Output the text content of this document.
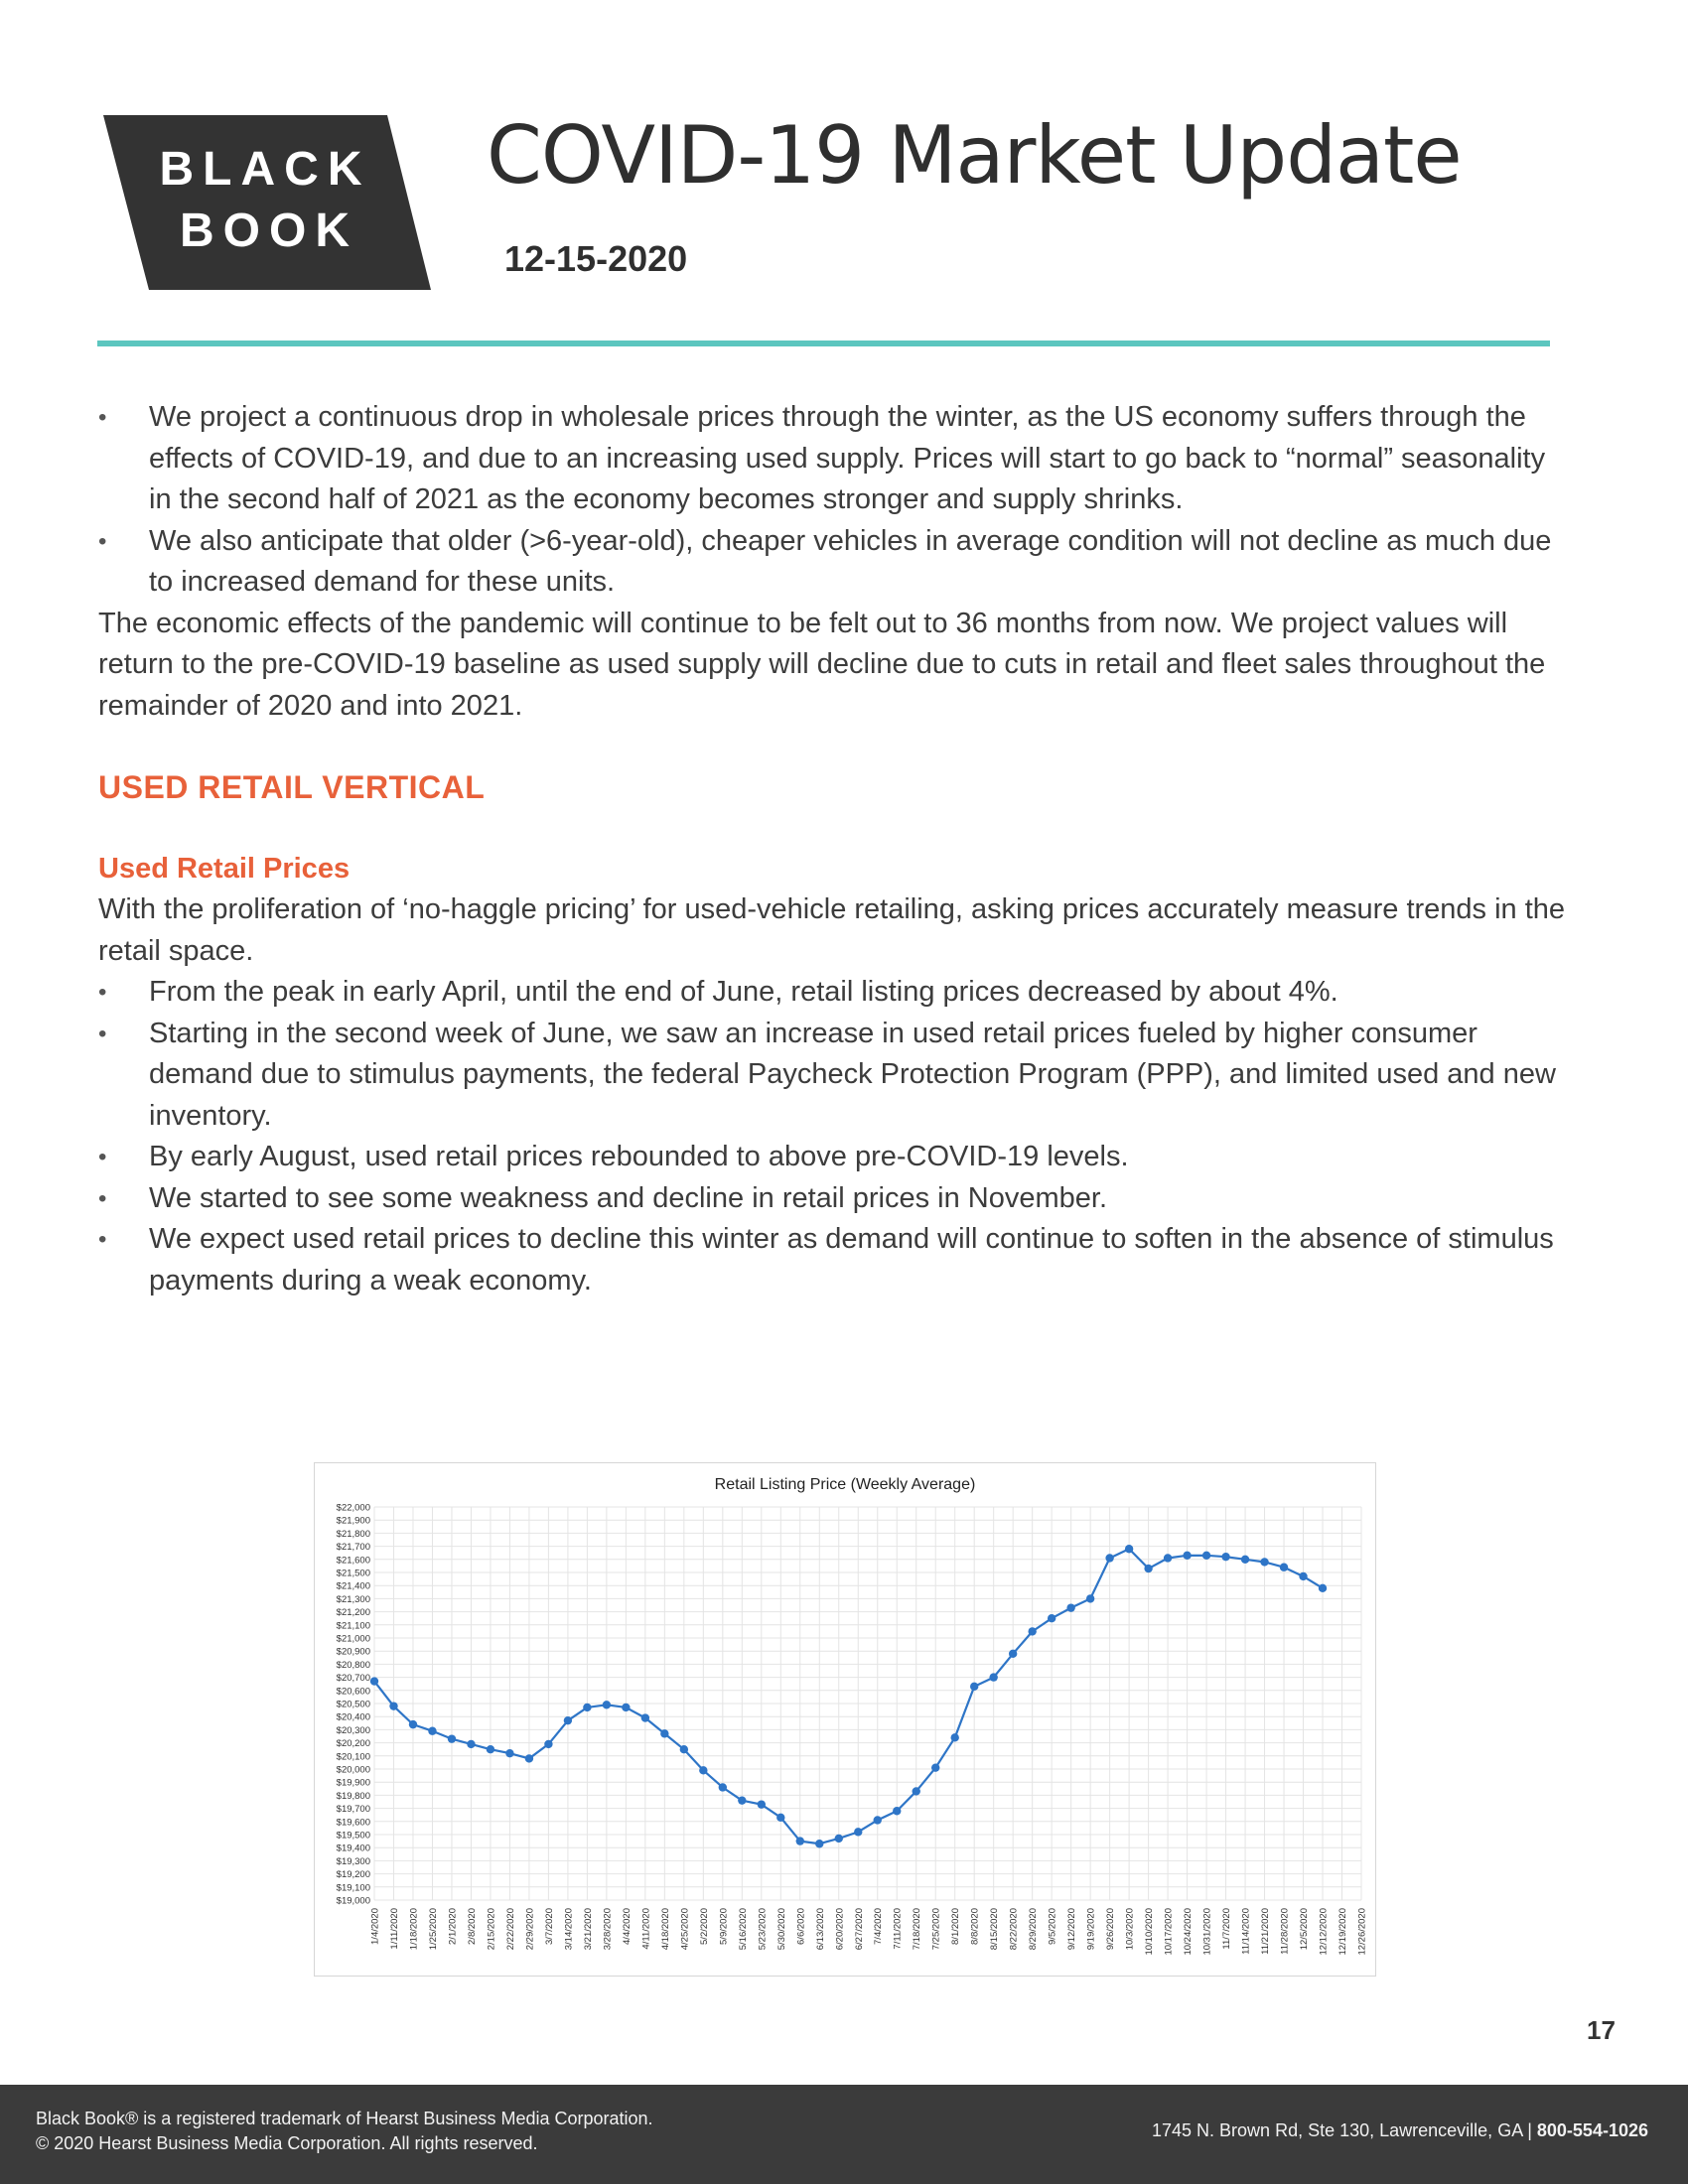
BLACK
BOOK
COVID-19 Market Update
12-15-2020
• We project a continuous drop in wholesale prices through the winter, as the US economy suffers through the effects of COVID-19, and due to an increasing used supply. Prices will start to go back to “normal” seasonality in the second half of 2021 as the economy becomes stronger and supply shrinks.
• We also anticipate that older (>6-year-old), cheaper vehicles in average condition will not decline as much due to increased demand for these units.

The economic effects of the pandemic will continue to be felt out to 36 months from now. We project values will return to the pre-COVID-19 baseline as used supply will decline due to cuts in retail and fleet sales throughout the remainder of 2020 and into 2021.

USED RETAIL VERTICAL
Used Retail Prices

With the proliferation of ‘no-haggle pricing’ for used-vehicle retailing, asking prices accurately measure trends in the retail space.

• From the peak in early April, until the end of June, retail listing prices decreased by about 4%.
• Starting in the second week of June, we saw an increase in used retail prices fueled by higher consumer demand due to stimulus payments, the federal Paycheck Protection Program (PPP), and limited used and new inventory.
• By early August, used retail prices rebounded to above pre-COVID-19 levels.
• We started to see some weakness and decline in retail prices in November.
• We expect used retail prices to decline this winter as demand will continue to soften in the absence of stimulus payments during a weak economy.
Retail Listing Price (Weekly Average)
$19,000
$19,100
$19,200
$19,300
$19,400
$19,500
$19,600
$19,700
$19,800
$19,900
$20,000
$20,100
$20,200
$20,300
$20,400
$20,500
$20,600
$20,700
$20,800
$20,900
$21,000
$21,100
$21,200
$21,300
$21,400
$21,500
$21,600
$21,700
$21,800
$21,900
$22,000
1/4/2020 1/11/2020 1/18/2020 1/25/2020 2/1/2020 2/8/2020 2/15/2020 2/22/2020 2/29/2020 3/7/2020 3/14/2020 3/21/2020 3/28/2020 4/4/2020 4/11/2020 4/18/2020 4/25/2020 5/2/2020 5/9/2020 5/16/2020 5/23/2020 5/30/2020 6/6/2020 6/13/2020 6/20/2020 6/27/2020 7/4/2020 7/11/2020 7/18/2020 7/25/2020 8/1/2020 8/8/2020 8/15/2020 8/22/2020 8/29/2020 9/5/2020 9/12/2020 9/19/2020 9/26/2020 10/3/2020 10/10/2020 10/17/2020 10/24/2020 10/31/2020 11/7/2020 11/14/2020 11/21/2020 11/28/2020 12/5/2020 12/12/2020 12/19/2020 12/26/2020
17
Black Book® is a registered trademark of Hearst Business Media Corporation.
© 2020 Hearst Business Media Corporation. All rights reserved.
1745 N. Brown Rd, Ste 130, Lawrenceville, GA | 800-554-1026
